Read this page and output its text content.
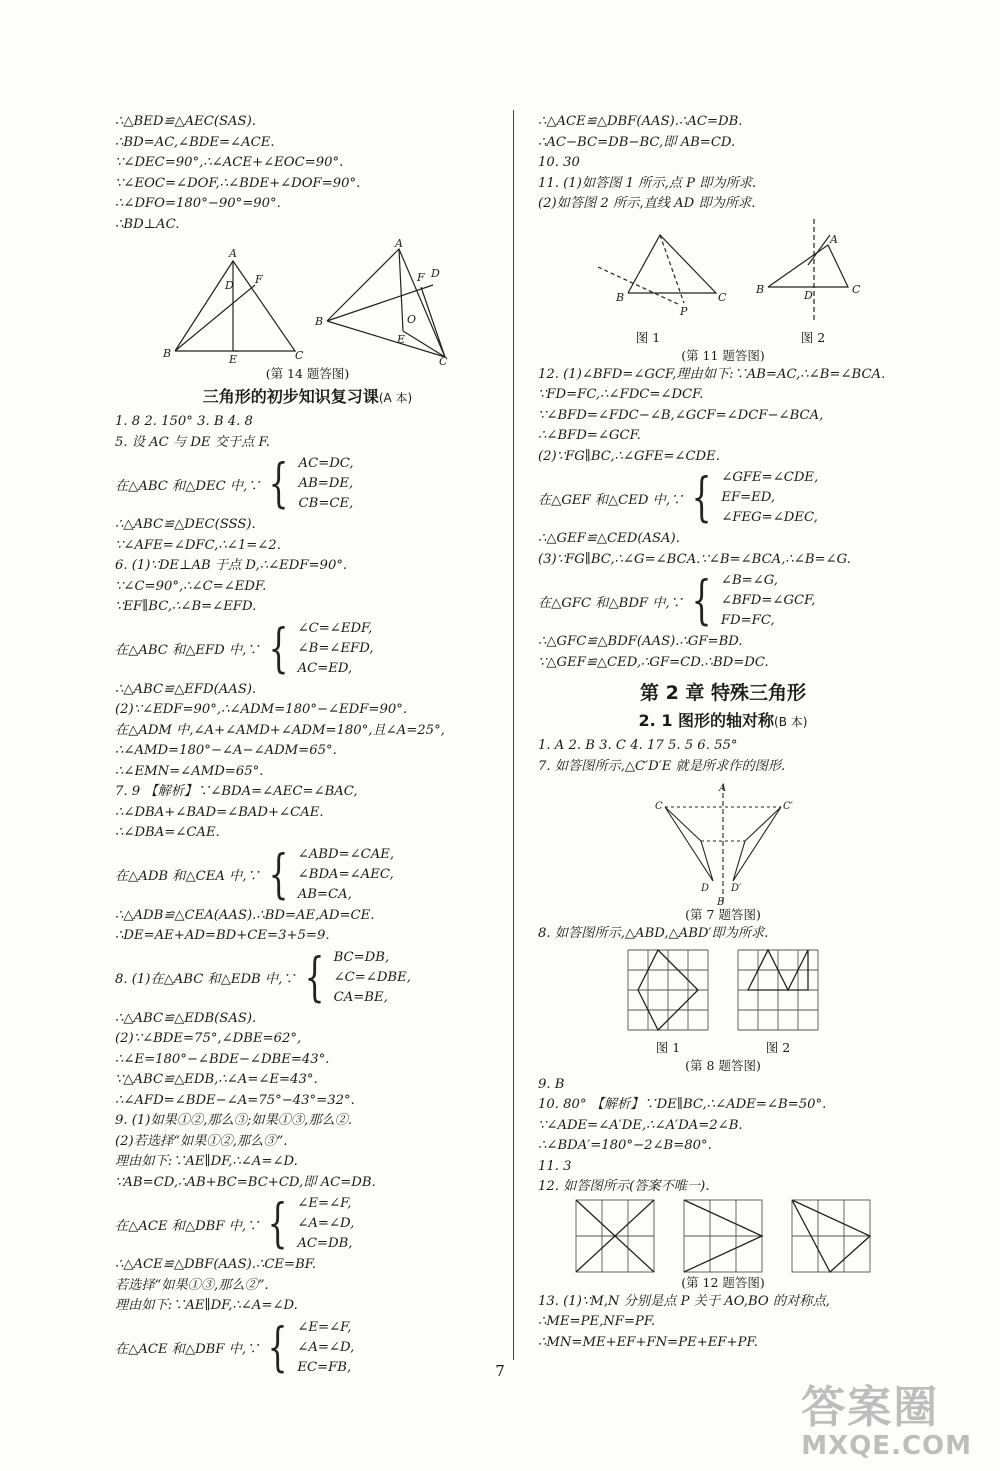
∴△BED≌△AEC(SAS).
∴BD=AC,∠BDE=∠ACE.
∵∠DEC=90°,∴∠ACE+∠EOC=90°.
∵∠EOC=∠DOF,∴∠BDE+∠DOF=90°.
∴∠DFO=180°−90°=90°.
∴BD⊥AC.
A
D F
B	E	C
A
F D
B	O
E
C
(第 14 题答图)
三角形的初步知识复习课(A 本)
1. 8 2. 150° 3. B 4. 8
5. 设 AC 与 DE 交于点 F.
在△ABC 和△DEC 中,∵ { AC=DC,
AB=DE,
CB=CE,
∴△ABC≌△DEC(SSS).
∵∠AFE=∠DFC,∴∠1=∠2.
6. (1)∵DE⊥AB 于点 D,∴∠EDF=90°.
∵∠C=90°,∴∠C=∠EDF.
∵EF∥BC,∴∠B=∠EFD.
在△ABC 和△EFD 中,∵ { ∠C=∠EDF,
∠B=∠EFD,
AC=ED,
∴△ABC≌△EFD(AAS).
(2)∵∠EDF=90°,∴∠ADM=180°−∠EDF=90°.
在△ADM 中,∠A+∠AMD+∠ADM=180°,且∠A=25°,
∴∠AMD=180°−∠A−∠ADM=65°.
∴∠EMN=∠AMD=65°.
7. 9 【解析】∵∠BDA=∠AEC=∠BAC,
∴∠DBA+∠BAD=∠BAD+∠CAE.
∴∠DBA=∠CAE.
在△ADB 和△CEA 中,∵ { ∠ABD=∠CAE,
∠BDA=∠AEC,
AB=CA,
∴△ADB≌△CEA(AAS).∴BD=AE,AD=CE.
∴DE=AE+AD=BD+CE=3+5=9.
8. (1)在△ABC 和△EDB 中,∵ { BC=DB,
∠C=∠DBE,
CA=BE,
∴△ABC≌△EDB(SAS).
(2)∵∠BDE=75°,∠DBE=62°,
∴∠E=180°−∠BDE−∠DBE=43°.
∵△ABC≌△EDB,∴∠A=∠E=43°.
∴∠AFD=∠BDE−∠A=75°−43°=32°.
9. (1)如果①②,那么③;如果①③,那么②.
(2)若选择“如果①②,那么③”.
理由如下:∵AE∥DF,∴∠A=∠D.
∵AB=CD,∴AB+BC=BC+CD,即 AC=DB.
在△ACE 和△DBF 中,∵ { ∠E=∠F,
∠A=∠D,
AC=DB,
∴△ACE≌△DBF(AAS).∴CE=BF.
若选择“如果①③,那么②”.
理由如下:∵AE∥DF,∴∠A=∠D.
在△ACE 和△DBF 中,∵ { ∠E=∠F,
∠A=∠D,
EC=FB,
∴△ACE≌△DBF(AAS).∴AC=DB.
∴AC−BC=DB−BC,即 AB=CD.
10. 30
11. (1)如答图 1 所示,点 P 即为所求.
(2)如答图 2 所示,直线 AD 即为所求.
B	C
P
图 1
B	C
D
A
图 2
(第 11 题答图)
12. (1)∠BFD=∠GCF,理由如下:∵AB=AC,∴∠B=∠BCA.
∵FD=FC,∴∠FDC=∠DCF.
∵∠BFD=∠FDC−∠B,∠GCF=∠DCF−∠BCA,
∴∠BFD=∠GCF.
(2)∵FG∥BC,∴∠GFE=∠CDE.
在△GEF 和△CED 中,∵ { ∠GFE=∠CDE,
EF=ED,
∠FEG=∠DEC,
∴△GEF≌△CED(ASA).
(3)∵FG∥BC,∴∠G=∠BCA.∵∠B=∠BCA,∴∠B=∠G.
在△GFC 和△BDF 中,∵ { ∠B=∠G,
∠BFD=∠GCF,
FD=FC,
∴△GFC≌△BDF(AAS).∴GF=BD.
∵△GEF≌△CED,∴GF=CD.∴BD=DC.
第 2 章 特殊三角形
2. 1 图形的轴对称(B 本)
1. A 2. B 3. C 4. 17 5. 5 6. 55°
7. 如答图所示,△C′D′E 就是所求作的图形.
A
C	C′
D D′
B
(第 7 题答图)
8. 如答图所示,△ABD,△ABD′即为所求.
图 1	图 2
(第 8 题答图)
9. B
10. 80° 【解析】∵DE∥BC,∴∠ADE=∠B=50°.
∵∠ADE=∠A′DE,∴∠A′DA=2∠B.
∴∠BDA′=180°−2∠B=80°.
11. 3
12. 如答图所示(答案不唯一).
(第 12 题答图)
13. (1)∵M,N 分别是点 P 关于 AO,BO 的对称点,
∴ME=PE,NF=PF.
∴MN=ME+EF+FN=PE+EF+PF.
7
答案圈
MXQE.COM
